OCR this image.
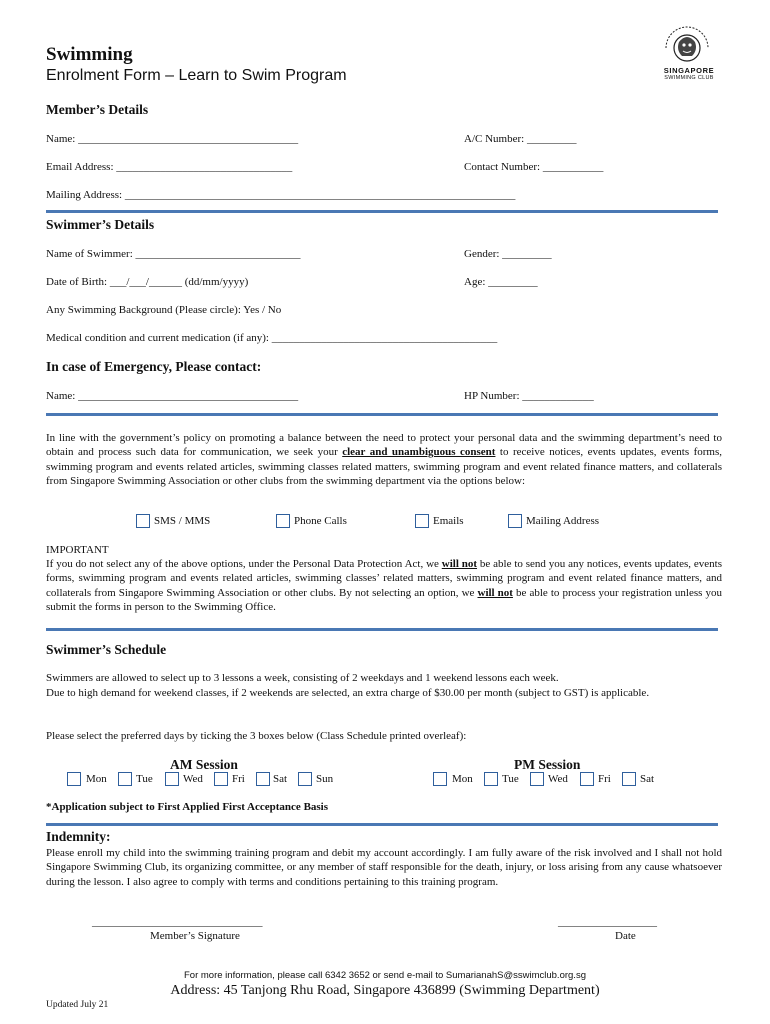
Swimming
Enrolment Form – Learn to Swim Program	SINGAPORE
SWIMMING CLUB
Member’s Details
Name: ________________________________________	A/C Number: _________
Email Address: ________________________________	Contact Number: ___________
Mailing Address: _______________________________________________________________________
Swimmer’s Details
Name of Swimmer: ______________________________	Gender: _________
Date of Birth: ___/___/______ (dd/mm/yyyy)	Age: _________
Any Swimming Background (Please circle): Yes / No
Medical condition and current medication (if any): _________________________________________
In case of Emergency, Please contact:
Name: ________________________________________	HP Number: _____________
In line with the government’s policy on promoting a balance between the need to protect your personal data and the swimming department’s need to obtain and process such data for communication, we seek your clear and unambiguous consent to receive notices, events updates, events forms, swimming program and events related articles, swimming classes related matters, swimming program and event related finance matters, and collaterals from Singapore Swimming Association or other clubs from the swimming department via the options below:
SMS / MMS	Phone Calls	Emails	Mailing Address
IMPORTANT
If you do not select any of the above options, under the Personal Data Protection Act, we will not be able to send you any notices, events updates, events forms, swimming program and events related articles, swimming classes’ related matters, swimming program and event related finance matters, and collaterals from Singapore Swimming Association or other clubs. By not selecting an option, we will not be able to process your registration unless you submit the forms in person to the Swimming Office.
Swimmer’s Schedule
Swimmers are allowed to select up to 3 lessons a week, consisting of 2 weekdays and 1 weekend lessons each week.
Due to high demand for weekend classes, if 2 weekends are selected, an extra charge of $30.00 per month (subject to GST) is applicable.
Please select the preferred days by ticking the 3 boxes below (Class Schedule printed overleaf):
AM Session	PM Session
Mon	Tue	Wed	Fri	Sat	Sun	Mon	Tue	Wed	Fri	Sat
*Application subject to First Applied First Acceptance Basis
Indemnity:
Please enroll my child into the swimming training program and debit my account accordingly. I am fully aware of the risk involved and I shall not hold Singapore Swimming Club, its organizing committee, or any member of staff responsible for the death, injury, or loss arising from any cause whatsoever during the lesson. I also agree to comply with terms and conditions pertaining to this training program.
_______________________________
Member’s Signature
__________________
Date
For more information, please call 6342 3652 or send e-mail to SumarianahS@sswimclub.org.sg
Address: 45 Tanjong Rhu Road, Singapore 436899 (Swimming Department)
Updated July 21
